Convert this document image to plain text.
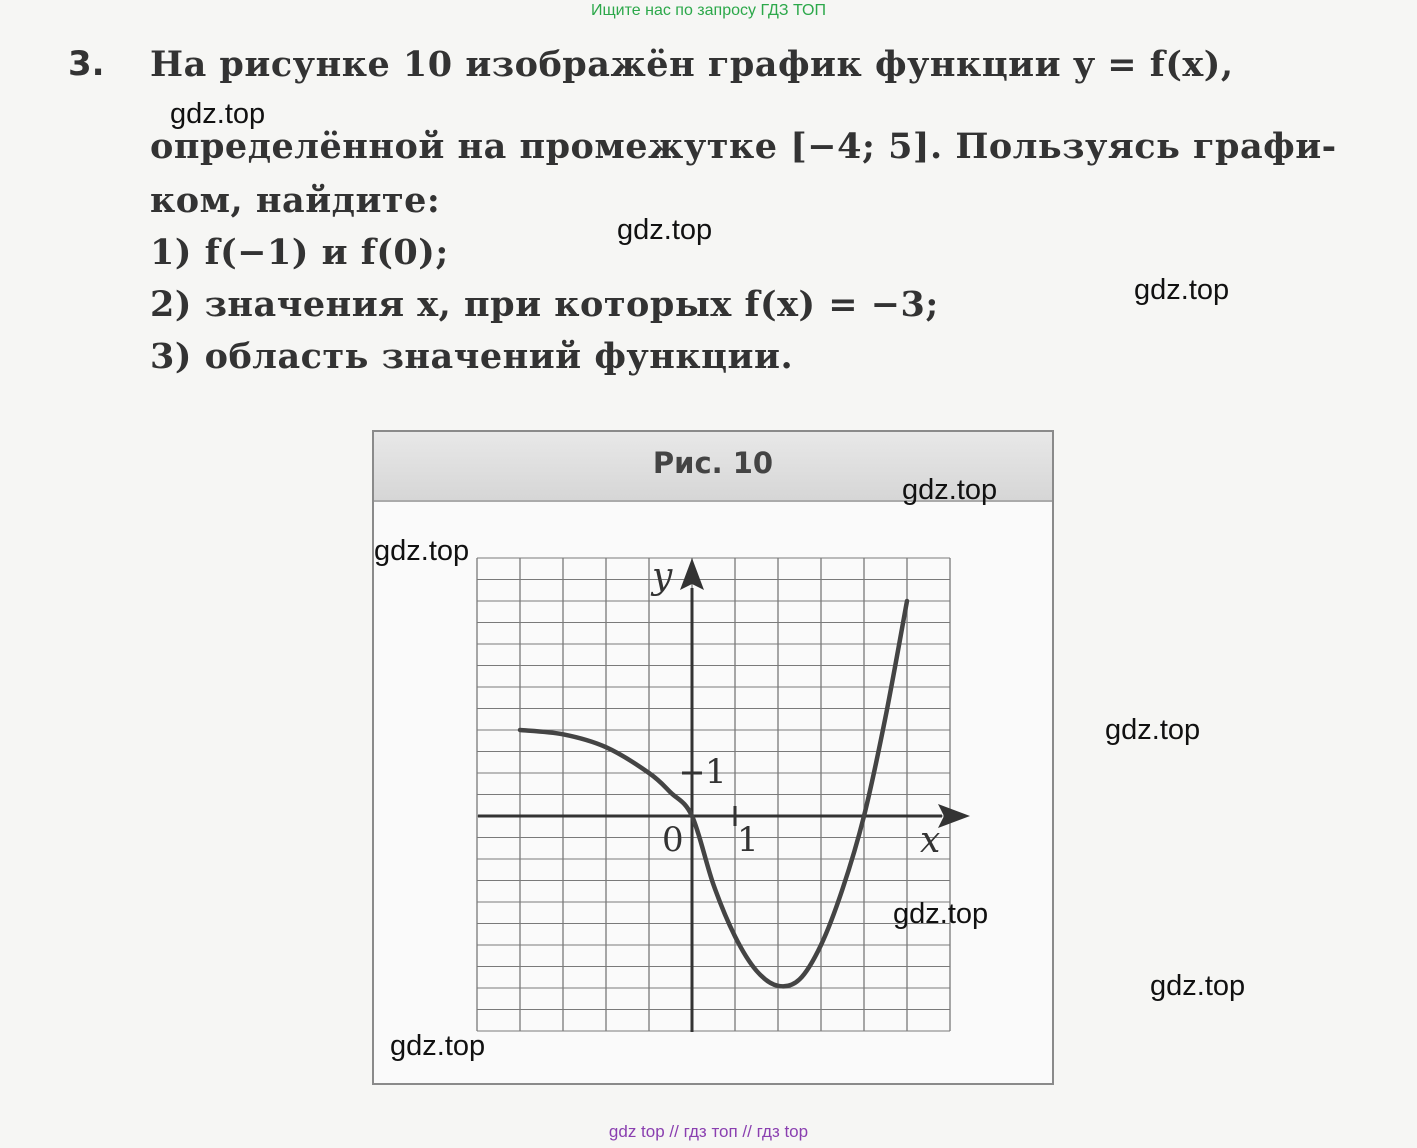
Ищите нас по запросу ГДЗ ТОП
3. На рисунке 10 изображён график функции y = f(x),
определённой на промежутке [−4; 5]. Пользуясь графи-
ком, найдите:
1) f(−1) и f(0);
2) значения x, при которых f(x) = −3;
3) область значений функции.
Рис. 10
1
1
0	x
y
gdz.top
gdz.top
gdz.top
gdz.top
gdz.top
gdz.top
gdz.top
gdz.top
gdz.top
gdz top // гдз топ // гдз top
